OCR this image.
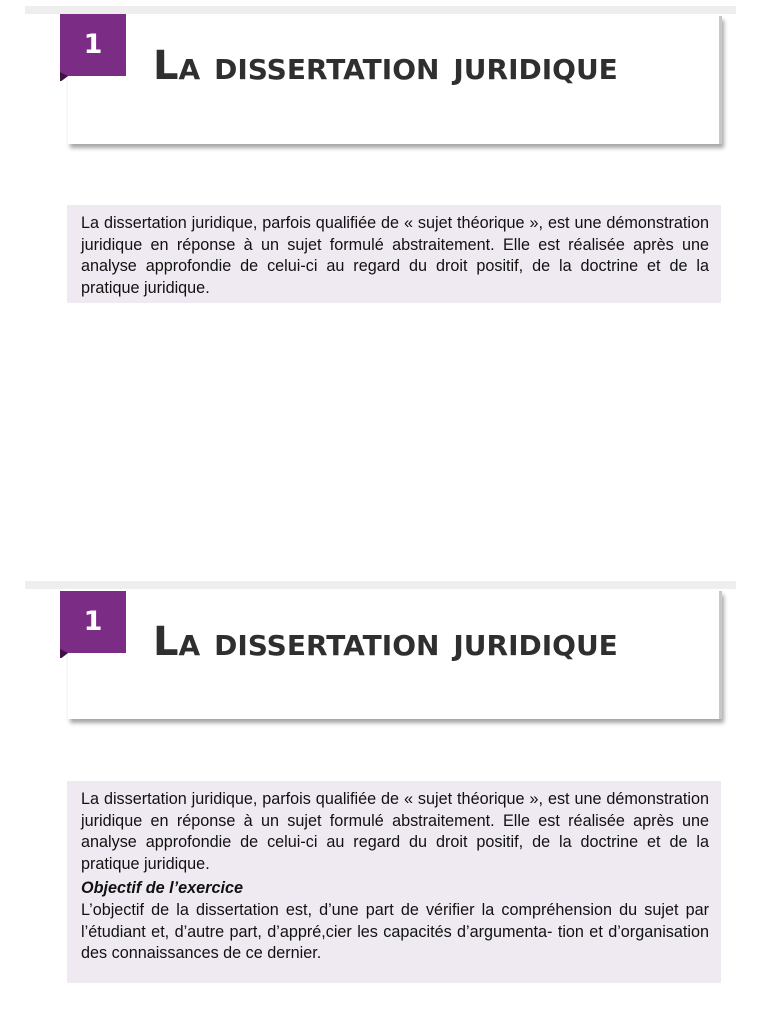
1	La dissertation juridique

La dissertation juridique, parfois qualifiée de « sujet théorique », est une démonstration juridique en réponse à un sujet formulé abstraitement. Elle est réalisée après une analyse approfondie de celui-ci au regard du droit positif, de la doctrine et de la pratique juridique.

1	La dissertation juridique

La dissertation juridique, parfois qualifiée de « sujet théorique », est une démonstration juridique en réponse à un sujet formulé abstraitement. Elle est réalisée après une analyse approfondie de celui-ci au regard du droit positif, de la doctrine et de la pratique juridique.

Objectif de l’exercice

L’objectif de la dissertation est, d’une part de vérifier la compréhension du sujet par l’étudiant et, d’autre part, d’appré,cier les capacités d’argumenta- tion et d’organisation des connaissances de ce dernier.
